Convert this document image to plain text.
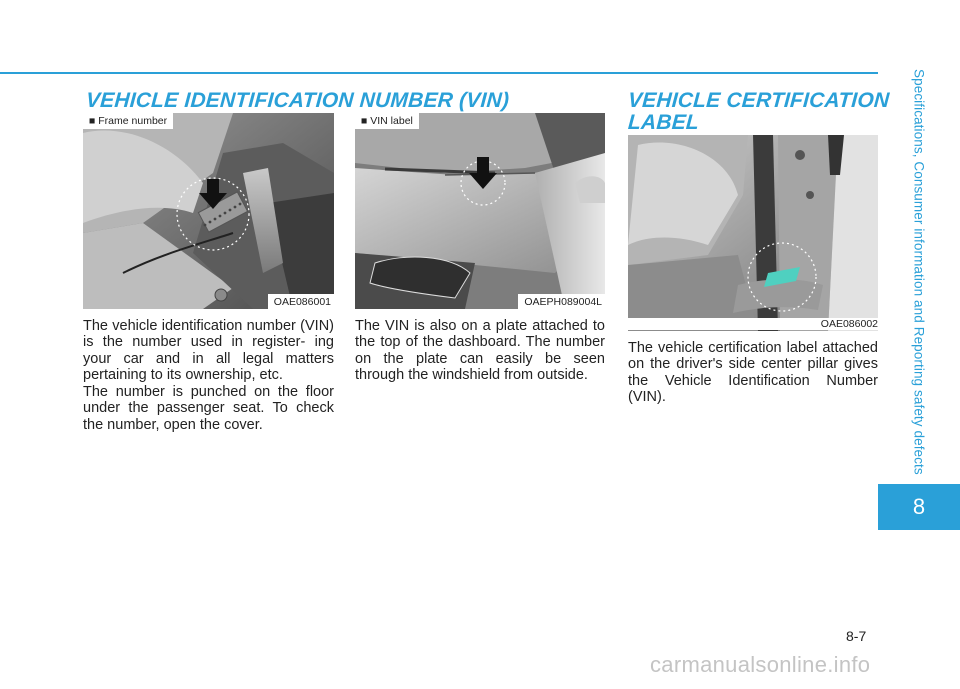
Specifications, Consumer information and Reporting safety defects
8
VEHICLE IDENTIFICATION NUMBER (VIN)	VEHICLE CERTIFICATION
LABEL
■ Frame number
OAE086001
■ VIN label
OAEPH089004L
OAE086002

The vehicle identification number (VIN) is the number used in register- ing your car and in all legal matters pertaining to its ownership, etc.

The number is punched on the floor under the passenger seat. To check the number, open the cover.

The VIN is also on a plate attached to the top of the dashboard. The number on the plate can easily be seen through the windshield from outside.

The vehicle certification label attached on the driver's side center pillar gives the Vehicle Identification Number (VIN).

8-7
carmanualsonline.info
